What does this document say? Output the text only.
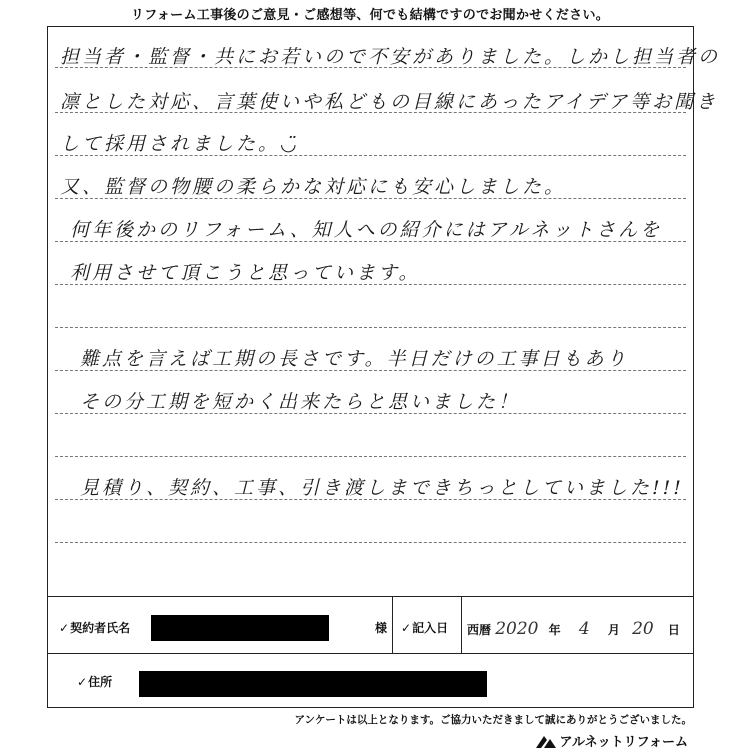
リフォーム工事後のご意見・ご感想等、何でも結構ですのでお聞かせください。
担当者・監督・共にお若いので不安がありました。しかし担当者の
凛とした対応、言葉使いや私どもの目線にあったアイデア等お聞き
して採用されました。◡̈
又、監督の物腰の柔らかな対応にも安心しました。
何年後かのリフォーム、知人への紹介にはアルネットさんを
利用させて頂こうと思っています。
難点を言えば工期の長さです。半日だけの工事日もあり
その分工期を短かく出来たらと思いました！
見積り、契約、工事、引き渡しまできちっとしていました!!!
✓契約者氏名	様 ✓記入日 西暦 2020 年 4 月 20 日
✓住所
アンケートは以上となります。ご協力いただきまして誠にありがとうございました。
アルネットリフォーム
